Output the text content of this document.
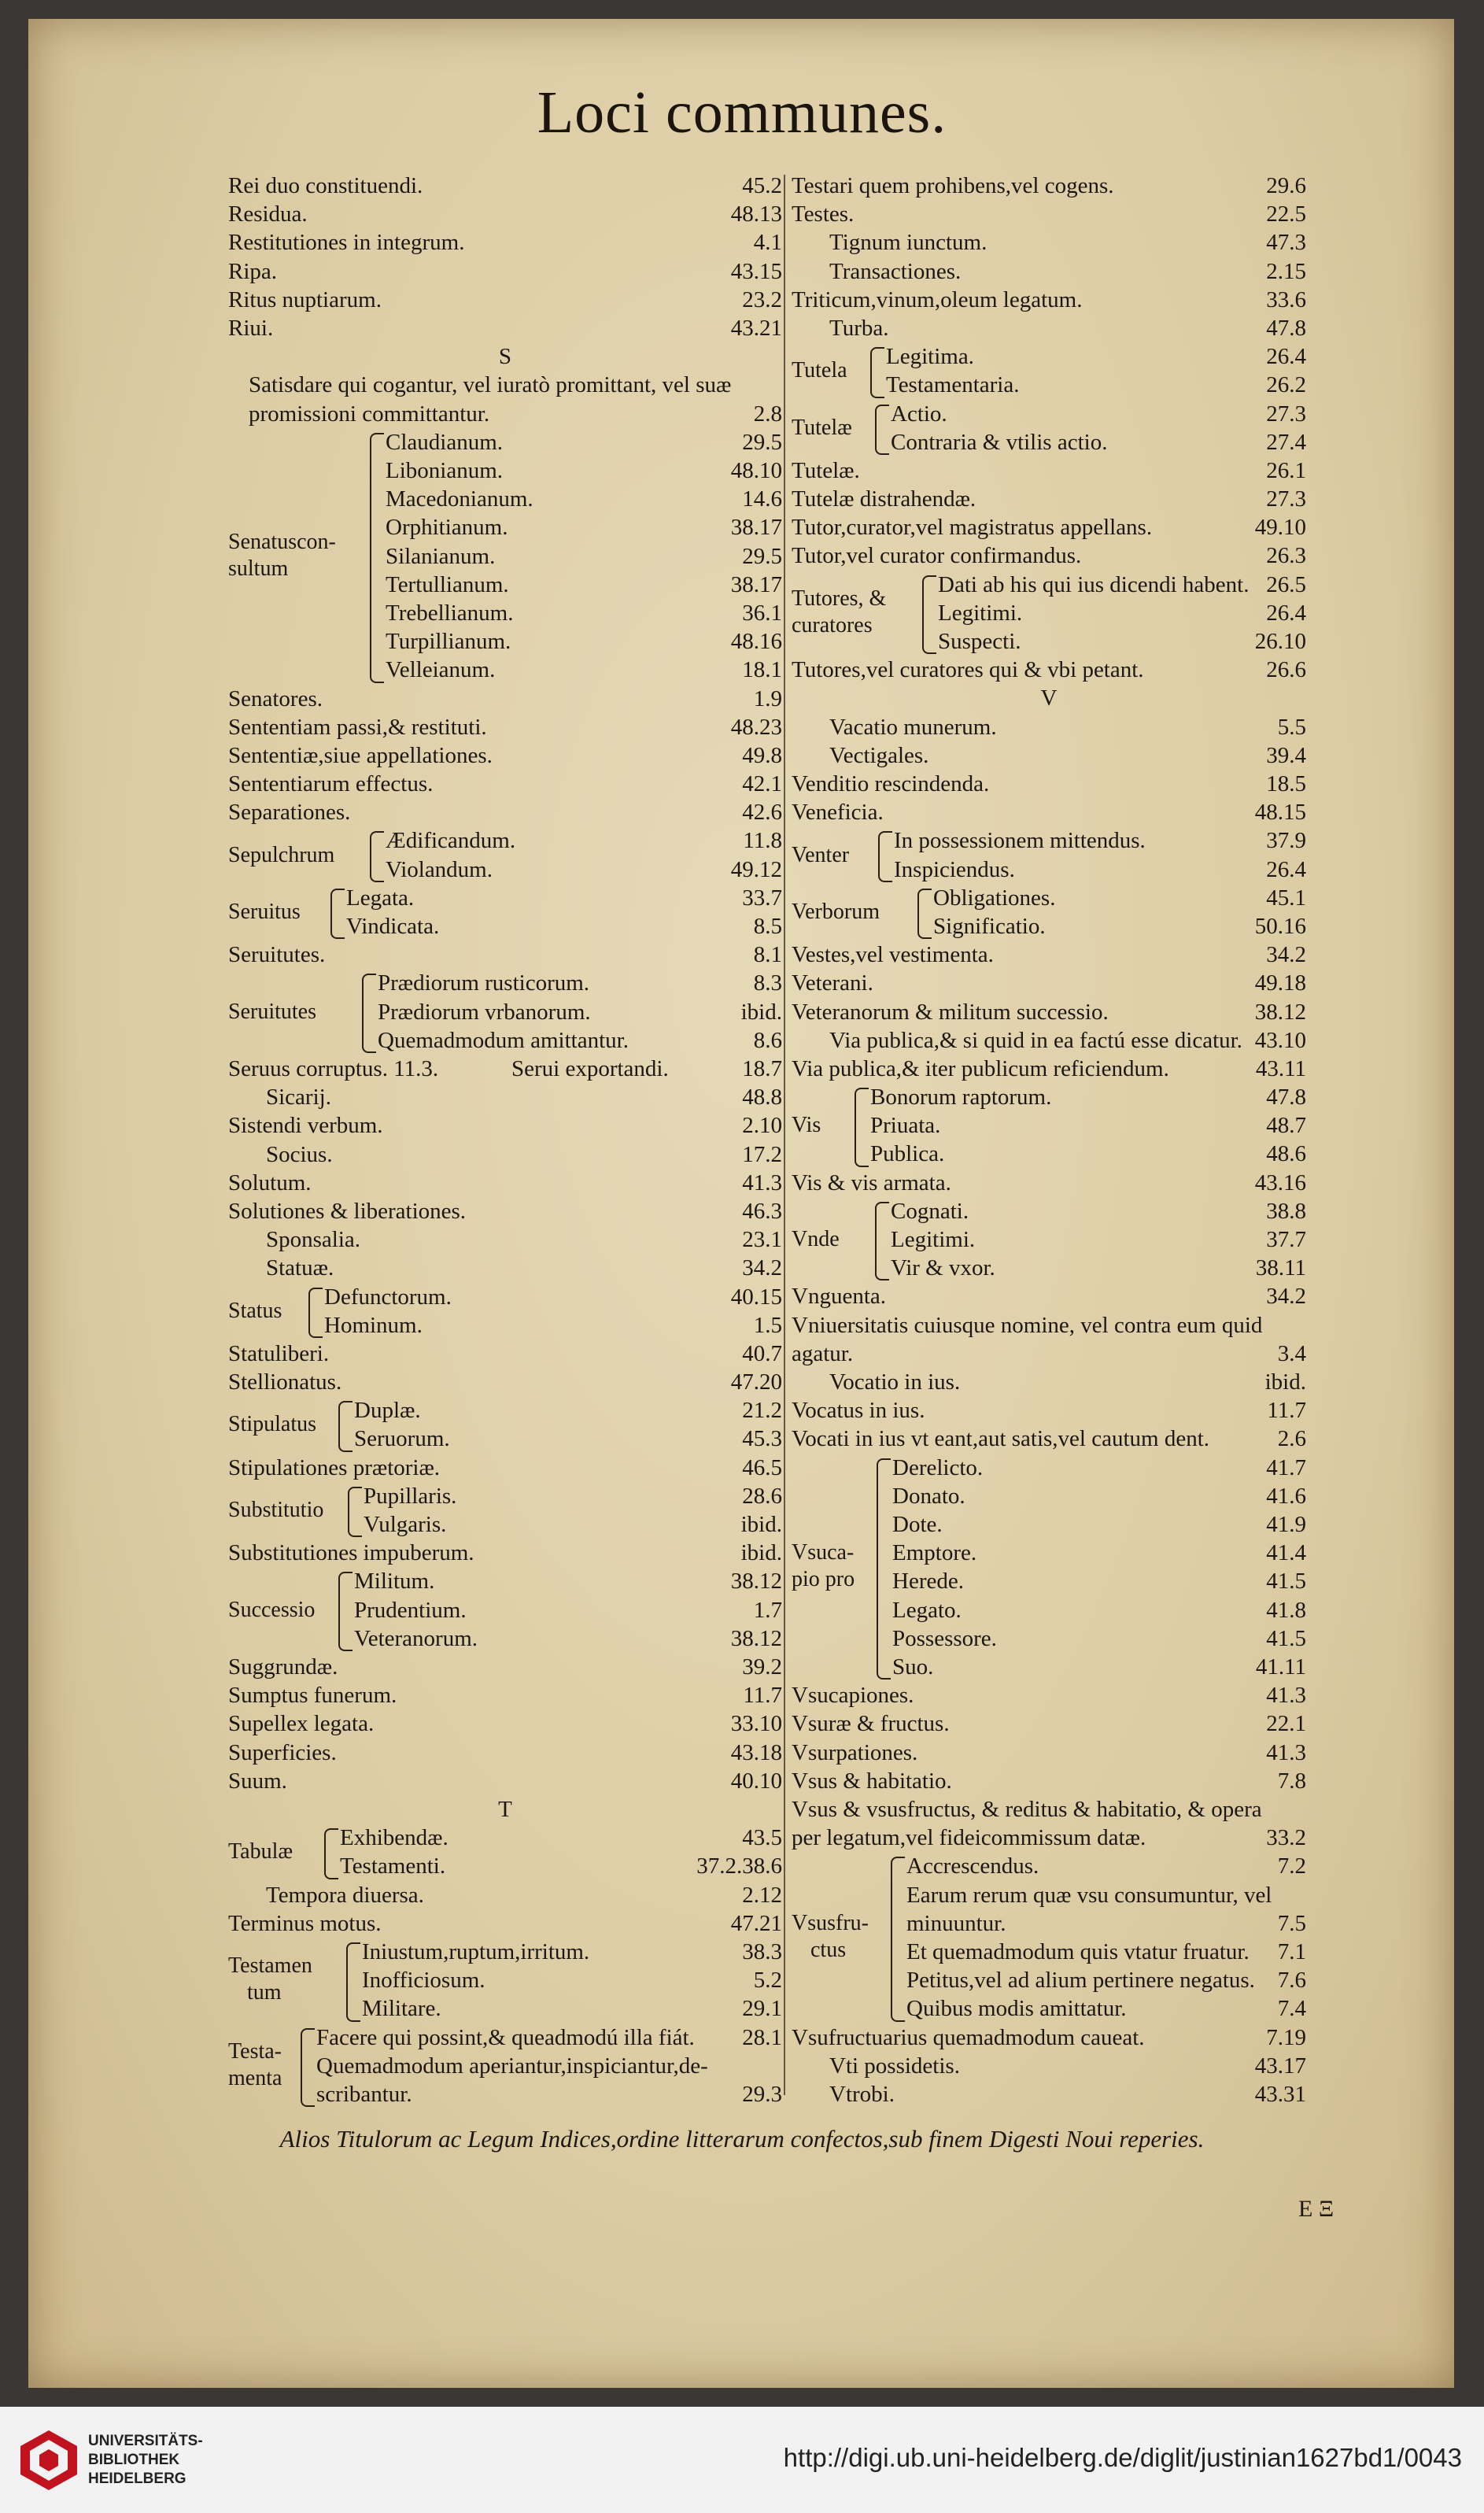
Loci communes.
Rei duo constituendi.	45.2
Residua.	48.13
Restitutiones in integrum.	4.1
Ripa.	43.15
Ritus nuptiarum.	23.2
Riui.	43.21
S
Satisdare qui cogantur, vel iuratò promittant, vel suæ promissioni committantur.	2.8
Senatuscon-
sultum
Claudianum.	29.5
Libonianum.	48.10
Macedonianum.	14.6
Orphitianum.	38.17
Silanianum.	29.5
Tertullianum.	38.17
Trebellianum.	36.1
Turpillianum.	48.16
Velleianum.	18.1
Senatores.	1.9
Sententiam passi,& restituti.	48.23
Sententiæ,siue appellationes.	49.8
Sententiarum effectus.	42.1
Separationes.	42.6
Sepulchrum
Ædificandum.	11.8
Violandum.	49.12
Seruitus
Legata.	33.7
Vindicata.	8.5
Seruitutes.	8.1
Seruitutes
Prædiorum rusticorum.	8.3
Prædiorum vrbanorum.	ibid.
Quemadmodum amittantur.	8.6
Seruus corruptus. 11.3.	Serui exportandi.	18.7
Sicarij.	48.8
Sistendi verbum.	2.10
Socius.	17.2
Solutum.	41.3
Solutiones & liberationes.	46.3
Sponsalia.	23.1
Statuæ.	34.2
Status
Defunctorum.	40.15
Hominum.	1.5
Statuliberi.	40.7
Stellionatus.	47.20
Stipulatus
Duplæ.	21.2
Seruorum.	45.3
Stipulationes prætoriæ.	46.5
Substitutio
Pupillaris.	28.6
Vulgaris.	ibid.
Substitutiones impuberum.	ibid.
Successio
Militum.	38.12
Prudentium.	1.7
Veteranorum.	38.12
Suggrundæ.	39.2
Sumptus funerum.	11.7
Supellex legata.	33.10
Superficies.	43.18
Suum.	40.10
T
Tabulæ
Exhibendæ.	43.5
Testamenti.	37.2.38.6
Tempora diuersa.	2.12
Terminus motus.	47.21
Testamen
tum
Iniustum,ruptum,irritum.	38.3
Inofficiosum.	5.2
Militare.	29.1
Testa-
menta
Facere qui possint,& queadmodú illa fiát. 28.1
Quemadmodum aperiantur,inspiciantur,de-
scribantur.	29.3
Testari quem prohibens,vel cogens.	29.6
Testes.	22.5
Tignum iunctum.	47.3
Transactiones.	2.15
Triticum,vinum,oleum legatum.	33.6
Turba.	47.8
Tutela
Legitima.	26.4
Testamentaria.	26.2
Tutelæ
Actio.	27.3
Contraria & vtilis actio.	27.4
Tutelæ.	26.1
Tutelæ distrahendæ.	27.3
Tutor,curator,vel magistratus appellans.	49.10
Tutor,vel curator confirmandus.	26.3
Tutores, &
curatores
Dati ab his qui ius dicendi habent. 26.5
Legitimi.	26.4
Suspecti.	26.10
Tutores,vel curatores qui & vbi petant.	26.6
V
Vacatio munerum.	5.5
Vectigales.	39.4
Venditio rescindenda.	18.5
Veneficia.	48.15
Venter
In possessionem mittendus.	37.9
Inspiciendus.	26.4
Verborum
Obligationes.	45.1
Significatio.	50.16
Vestes,vel vestimenta.	34.2
Veterani.	49.18
Veteranorum & militum successio.	38.12
Via publica,& si quid in ea factú esse dicatur. 43.10
Via publica,& iter publicum reficiendum.	43.11
Vis
Bonorum raptorum.	47.8
Priuata.	48.7
Publica.	48.6
Vis & vis armata.	43.16
Vnde
Cognati.	38.8
Legitimi.	37.7
Vir & vxor.	38.11
Vnguenta.	34.2
Vniuersitatis cuiusque nomine, vel contra eum quid agatur.	3.4
Vocatio in ius.	ibid.
Vocatus in ius.	11.7
Vocati in ius vt eant,aut satis,vel cautum dent.	2.6
Vsuca-
pio pro
Derelicto.	41.7
Donato.	41.6
Dote.	41.9
Emptore.	41.4
Herede.	41.5
Legato.	41.8
Possessore.	41.5
Suo.	41.11
Vsucapiones.	41.3
Vsuræ & fructus.	22.1
Vsurpationes.	41.3
Vsus & habitatio.	7.8
Vsus & vsusfructus, & reditus & habitatio, & opera per legatum,vel fideicommissum datæ.	33.2
Vsusfru-
ctus
Accrescendus.	7.2
Earum rerum quæ vsu consumuntur, vel
minuuntur.	7.5
Et quemadmodum quis vtatur fruatur. 7.1
Petitus,vel ad alium pertinere negatus. 7.6
Quibus modis amittatur.	7.4
Vsufructuarius quemadmodum caueat.	7.19
Vti possidetis.	43.17
Vtrobi.	43.31
Alios Titulorum ac Legum Indices,ordine litterarum confectos,sub finem Digesti Noui reperies.
E Ξ
UNIVERSITÄTS-
BIBLIOTHEK
HEIDELBERG
http://digi.ub.uni-heidelberg.de/diglit/justinian1627bd1/0043
